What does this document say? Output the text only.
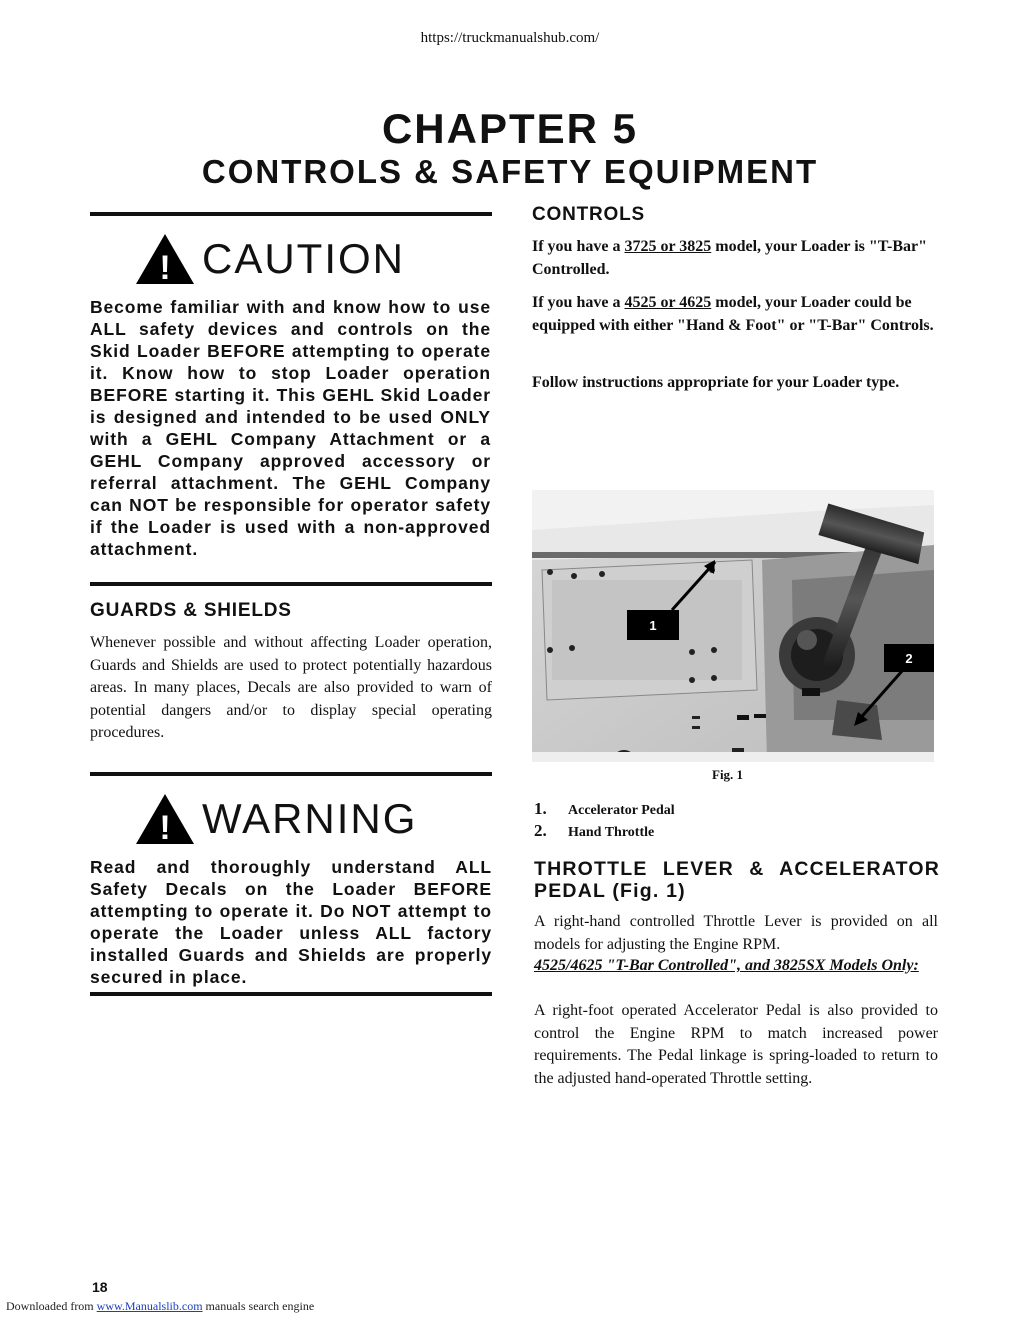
https://truckmanualshub.com/
CHAPTER 5
CONTROLS & SAFETY EQUIPMENT
! CAUTION
Become familiar with and know how to use ALL safety devices and controls on the Skid Loader BEFORE attempting to operate it. Know how to stop Loader operation BEFORE starting it. This GEHL Skid Loader is designed and intended to be used ONLY with a GEHL Company Attachment or a GEHL Company approved accessory or referral attachment. The GEHL Company can NOT be responsible for operator safety if the Loader is used with a non-approved attachment.
GUARDS & SHIELDS
Whenever possible and without affecting Loader operation, Guards and Shields are used to protect potentially hazardous areas. In many places, Decals are also provided to warn of potential dangers and/or to display special operating procedures.
! WARNING
Read and thoroughly understand ALL Safety Decals on the Loader BEFORE attempting to operate it. Do NOT attempt to operate the Loader unless ALL factory installed Guards and Shields are properly secured in place.
CONTROLS
If you have a 3725 or 3825 model, your Loader is "T-Bar" Controlled.
If you have a 4525 or 4625 model, your Loader could be equipped with either "Hand & Foot" or "T-Bar" Controls.
Follow instructions appropriate for your Loader type.
1
2
Fig. 1
1.	Accelerator Pedal
2.	Hand Throttle
THROTTLE LEVER & ACCELERATOR PEDAL (Fig. 1)
A right-hand controlled Throttle Lever is provided on all models for adjusting the Engine RPM.
4525/4625 "T-Bar Controlled", and 3825SX Models Only:
A right-foot operated Accelerator Pedal is also provided to control the Engine RPM to match increased power requirements. The Pedal linkage is spring-loaded to return to the adjusted hand-operated Throttle setting.
18
Downloaded from www.Manualslib.com manuals search engine
